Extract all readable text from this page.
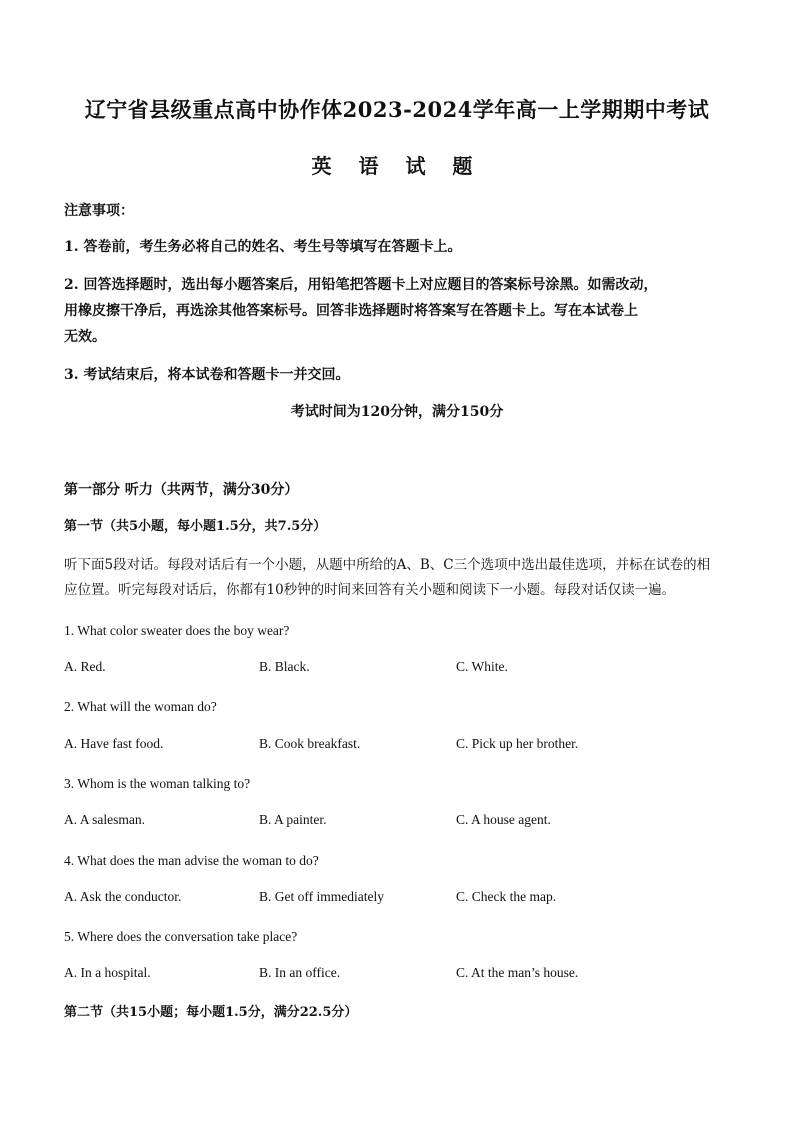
辽宁省县级重点高中协作体2023-2024学年高一上学期期中考试
英 语 试 题
注意事项：
1. 答卷前，考生务必将自己的姓名、考生号等填写在答题卡上。
2. 回答选择题时，选出每小题答案后，用铅笔把答题卡上对应题目的答案标号涂黑。如需改动，
用橡皮擦干净后，再选涂其他答案标号。回答非选择题时将答案写在答题卡上。写在本试卷上
无效。
3. 考试结束后，将本试卷和答题卡一并交回。
考试时间为120分钟，满分150分
第一部分 听力（共两节，满分30分）
第一节（共5小题，每小题1.5分，共7.5分）
听下面5段对话。每段对话后有一个小题，从题中所给的A、B、C三个选项中选出最佳选项，并标在试卷的相
应位置。听完每段对话后，你都有10秒钟的时间来回答有关小题和阅读下一小题。每段对话仅读一遍。
1. What color sweater does the boy wear?
A. Red.	B. Black.	C. White.
2. What will the woman do?
A. Have fast food.	B. Cook breakfast.	C. Pick up her brother.
3. Whom is the woman talking to?
A. A salesman.	B. A painter.	C. A house agent.
4. What does the man advise the woman to do?
A. Ask the conductor.	B. Get off immediately	C. Check the map.
5. Where does the conversation take place?
A. In a hospital.	B. In an office.	C. At the man’s house.
第二节（共15小题；每小题1.5分，满分22.5分）
